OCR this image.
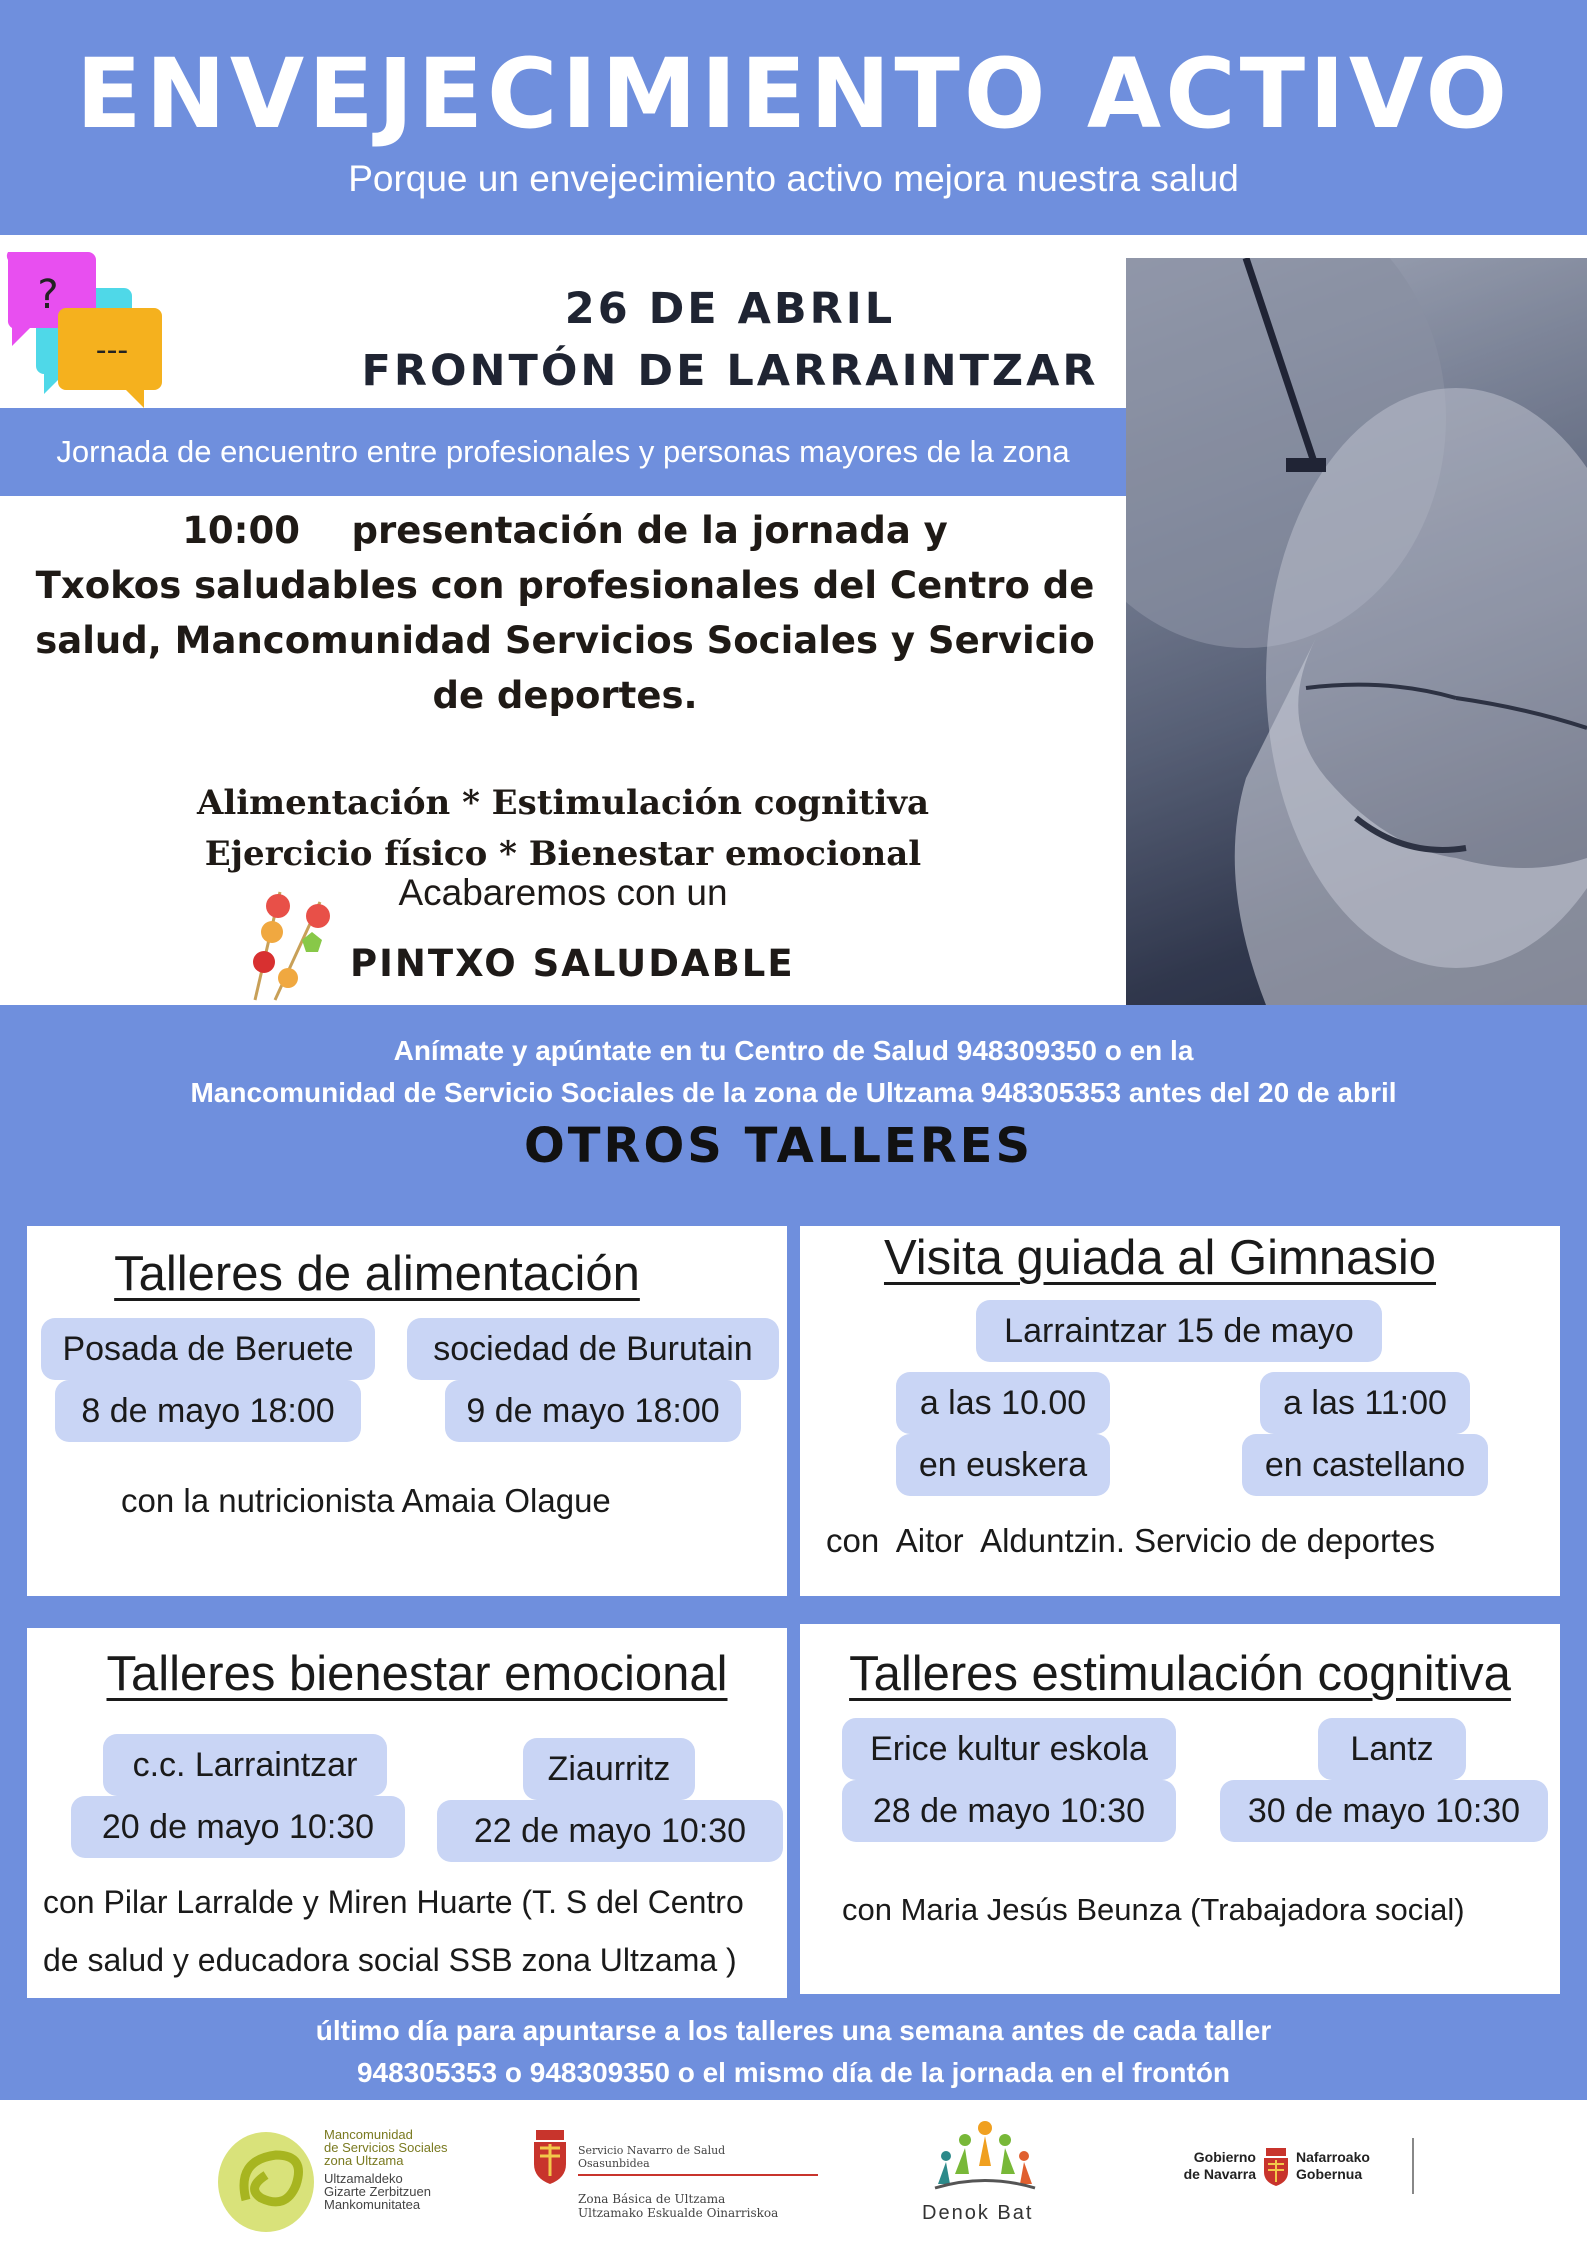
ENVEJECIMIENTO ACTIVO
Porque un envejecimiento activo mejora nuestra salud
?
---
26 DE ABRIL
FRONTÓN DE LARRAINTZAR
Jornada de encuentro entre profesionales y personas mayores de la zona
10:00    presentación de la jornada y
Txokos saludables con profesionales del Centro de
salud, Mancomunidad Servicios Sociales y Servicio
de deportes.
Alimentación * Estimulación cognitiva
Ejercicio físico * Bienestar emocional
Acabaremos con un
PINTXO SALUDABLE
Anímate y apúntate en tu Centro de Salud 948309350 o en la
Mancomunidad de Servicio Sociales de la zona de Ultzama 948305353 antes del 20 de abril
OTROS TALLERES
Talleres de alimentación
Posada de Beruete
8 de mayo 18:00
sociedad de Burutain
9 de mayo 18:00
con la nutricionista Amaia Olague
Visita guiada al Gimnasio
Larraintzar 15 de mayo
a las 10.00
en euskera
a las 11:00
en castellano
con  Aitor  Alduntzin. Servicio de deportes
Talleres bienestar emocional
c.c. Larraintzar
20 de mayo 10:30
Ziaurritz
22 de mayo 10:30
con Pilar Larralde y Miren Huarte (T. S del Centro
de salud y educadora social SSB zona Ultzama )
Talleres estimulación cognitiva
Erice kultur eskola
28 de mayo 10:30
Lantz
30 de mayo 10:30
con Maria Jesús Beunza (Trabajadora social)
último día para apuntarse a los talleres una semana antes de cada taller
948305353 o 948309350 o el mismo día de la jornada en el frontón
Mancomunidad
de Servicios Sociales
zona Ultzama
Ultzamaldeko
Gizarte Zerbitzuen
Mankomunitatea
Servicio Navarro de Salud
Osasunbidea
Zona Básica de Ultzama
Ultzamako Eskualde Oinarriskoa	Denok Bat
Gobierno
de Navarra
Nafarroako
Gobernua
